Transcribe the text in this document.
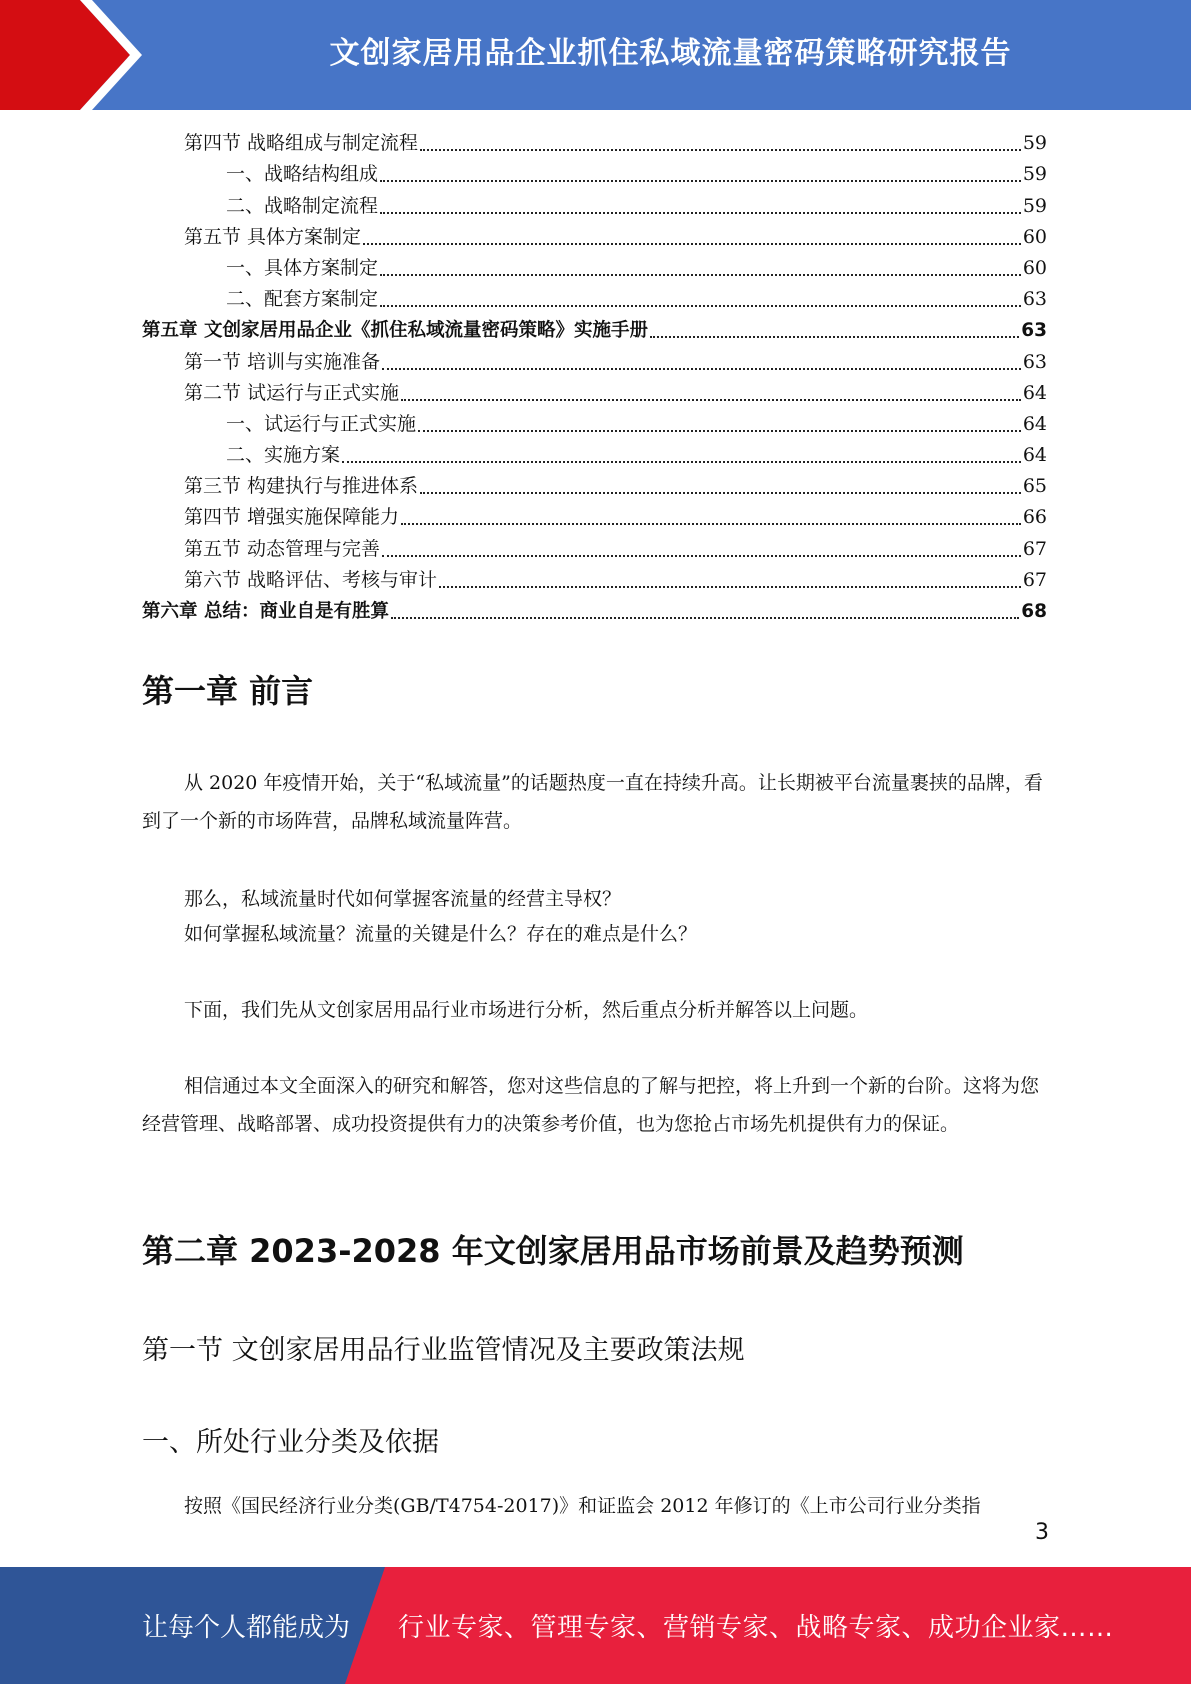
文创家居用品企业抓住私域流量密码策略研究报告
第四节 战略组成与制定流程	59
一、战略结构组成	59
二、战略制定流程	59
第五节 具体方案制定	60
一、具体方案制定	60
二、配套方案制定	63
第五章 文创家居用品企业《抓住私域流量密码策略》实施手册	63
第一节 培训与实施准备	63
第二节 试运行与正式实施	64
一、试运行与正式实施	64
二、实施方案	64
第三节 构建执行与推进体系	65
第四节 增强实施保障能力	66
第五节 动态管理与完善	67
第六节 战略评估、考核与审计	67
第六章 总结：商业自是有胜算	68
第一章 前言

从 2020 年疫情开始，关于“私域流量”的话题热度一直在持续升高。让长期被平台流量裹挟的品牌，看到了一个新的市场阵营，品牌私域流量阵营。

那么，私域流量时代如何掌握客流量的经营主导权？

如何掌握私域流量？流量的关键是什么？存在的难点是什么？

下面，我们先从文创家居用品行业市场进行分析，然后重点分析并解答以上问题。

相信通过本文全面深入的研究和解答，您对这些信息的了解与把控，将上升到一个新的台阶。这将为您经营管理、战略部署、成功投资提供有力的决策参考价值，也为您抢占市场先机提供有力的保证。

第二章 2023-2028 年文创家居用品市场前景及趋势预测
第一节 文创家居用品行业监管情况及主要政策法规
一、所处行业分类及依据

按照《国民经济行业分类(GB/T4754-2017)》和证监会 2012 年修订的《上市公司行业分类指

3
让每个人都能成为 行业专家、管理专家、营销专家、战略专家、成功企业家……
